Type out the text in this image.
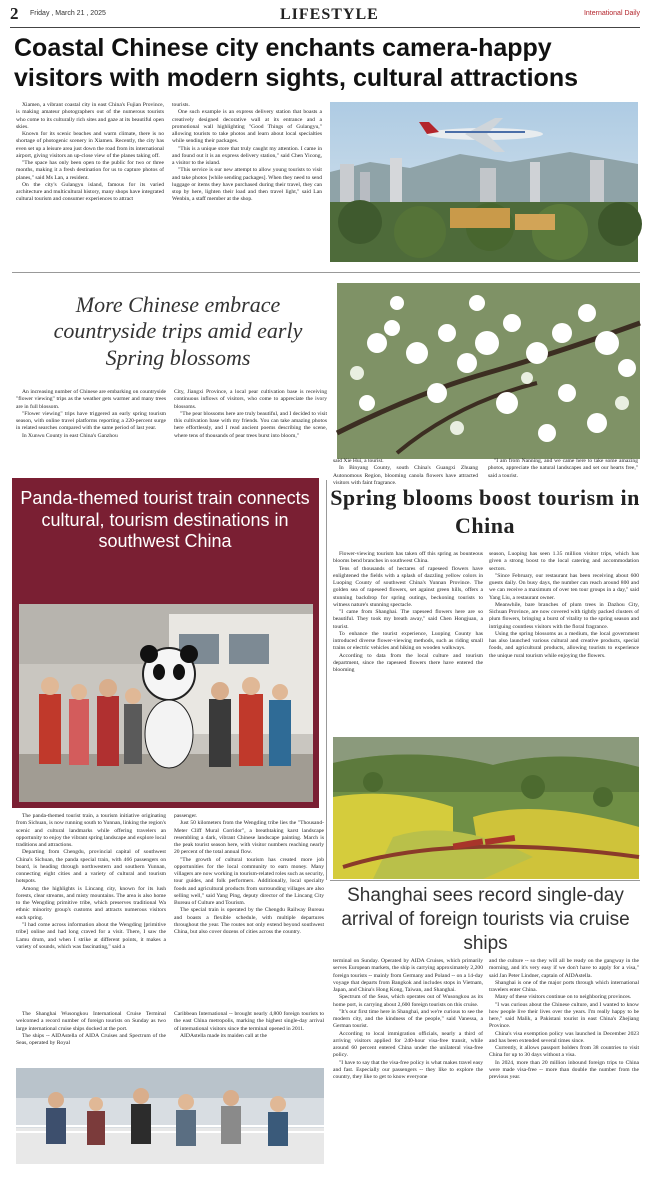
2 Friday , March 21 , 2025	LIFESTYLE	International Daily
Coastal Chinese city enchants camera-happy visitors with modern sights, cultural attractions

Xiamen, a vibrant coastal city in east China's Fujian Province, is making amateur photographers out of the numerous tourists who come to its culturally rich sites and gaze at its beautiful open skies.

Known for its scenic beaches and warm climate, there is no shortage of photogenic scenery in Xiamen. Recently, the city has even set up a leisure area just down the road from its international airport, giving visitors an up-close view of the planes taking off.

"The space has only been open to the public for two or three months, making it a fresh destination for us to capture photos of planes," said Ms Lan, a resident.

On the city's Gulangyu island, famous for its varied architecture and multicultural history, many shops have integrated cultural tourism and consumer experiences to attract

tourists.

One such example is an express delivery station that boasts a creatively designed decorative wall at its entrance and a promotional wall highlighting "Good Things of Gulangyu," allowing tourists to take photos and learn about local specialties while sending their packages.

"This is a unique store that truly caught my attention. I came in and found out it is an express delivery station," said Chen Yicong, a visitor to the island.

"This service is our new attempt to allow young tourists to visit and take photos [while sending packages]. When they need to send luggage or items they have purchased during their travel, they can stop by here, lighten their load and then travel light," said Lan Wenbin, a staff member at the shop.

More Chinese embrace countryside trips amid early Spring blossoms

An increasing number of Chinese are embarking on countryside "flower viewing" trips as the weather gets warmer and many trees are in full blossom.

"Flower viewing" trips have triggered an early spring tourism season, with online travel platforms reporting a 220-percent surge in related searches compared with the same period of last year.

In Xunwu County in east China's Ganzhou

City, Jiangxi Province, a local pear cultivation base is receiving continuous inflows of visitors, who come to appreciate the ivory blossoms.

"The pear blossoms here are truly beautiful, and I decided to visit this cultivation base with my friends. You can take amazing photos here effortlessly, and I read ancient poems describing the scene, where tens of thousands of pear trees burst into bloom,"

said Xie Hui, a tourist.

In Binyang County, south China's Guangxi Zhuang Autonomous Region, blooming canola flowers have attracted visitors with faint fragrance.

"I am from Nanning, and we came here to take some amazing photos, appreciate the natural landscapes and set our hearts free," said a tourist.

Panda-themed tourist train connects cultural, tourism destinations in southwest China

The panda-themed tourist train, a tourism initiative originating from Sichuan, is now running south to Yunnan, linking the region's scenic and cultural landmarks while offering travelers an opportunity to enjoy the vibrant spring landscape and explore local traditions and attractions.

Departing from Chengdu, provincial capital of southwest China's Sichuan, the panda special train, with 466 passengers on board, is heading through northwestern and southern Yunnan, connecting eight cities and a variety of cultural and tourism hotspots.

Among the highlights is Lincang city, known for its lush forests, clear streams, and misty mountains. The area is also home to the Wengding primitive tribe, which preserves traditional Wa ethnic minority group's customs and attracts numerous visitors each spring.

"I had come across information about the Wengding [primitive tribe] online and had long craved for a visit. There, I saw the Lamu drum, and when I strike at different points, it makes a variety of sounds, which was fascinating," said a

passenger.

Just 50 kilometers from the Wengding tribe lies the "Thousand-Meter Cliff Mural Corridor", a breathtaking karst landscape resembling a dark, vibrant Chinese landscape painting. March is the peak tourist season here, with visitor numbers reaching nearly 20 percent of the total annual flow.

"The growth of cultural tourism has created more job opportunities for the local community to earn money. Many villagers are now working in tourism-related roles such as security, tour guides, and folk performers. Additionally, local specialty foods and agricultural products from surrounding villages are also selling well," said Yang Ping, deputy director of the Lincang City Bureau of Culture and Tourism.

The special train is operated by the Chengdu Railway Bureau and boasts a flexible schedule, with multiple departures throughout the year. The routes not only extend beyond southwest China, but also cover dozens of cities across the country.

Spring blooms boost tourism in China

Flower-viewing tourism has taken off this spring as bounteous blooms bend branches in southwest China.

Tens of thousands of hectares of rapeseed flowers have enlightened the fields with a splash of dazzling yellow colors in Luoping County of southwest China's Yunnan Province. The golden sea of rapeseed flowers, set against green hills, offers a stunning backdrop for spring outings, beckoning tourists to witness nature's stunning spectacle.

"I came from Shanghai. The rapeseed flowers here are so beautiful. They took my breath away," said Chen Hongjuan, a tourist.

To enhance the tourist experience, Luoping County has introduced diverse flower-viewing methods, such as riding small trains or electric vehicles and hiking on wooden walkways.

According to data from the local culture and tourism department, since the rapeseed flowers there have entered the blooming

season, Luoping has seen 1.35 million visitor trips, which has given a strong boost to the local catering and accommodation sectors.

"Since February, our restaurant has been receiving about 600 guests daily. On busy days, the number can reach around 800 and we can receive a maximum of over ten tour groups in a day," said Yang Liu, a restaurant owner.

Meanwhile, bare branches of plum trees in Dazhou City, Sichuan Province, are now covered with tightly packed clusters of plum flowers, bringing a burst of vitality to the spring season and intriguing countless visitors with the floral fragrance.

Using the spring blossoms as a medium, the local government has also launched various cultural and creative products, special foods, and agricultural products, allowing tourists to experience the unique rural tourism while enjoying the flowers.

Shanghai sees record single-day arrival of foreign tourists via cruise ships

The Shanghai Wusongkou International Cruise Terminal welcomed a record number of foreign tourists on Sunday as two large international cruise ships docked at the port.

The ships -- AIDAstella of AIDA Cruises and Spectrum of the Seas, operated by Royal

Caribbean International -- brought nearly 4,800 foreign tourists to the east China metropolis, marking the highest single-day arrival of international visitors since the terminal opened in 2011.

AIDAstella made its maiden call at the

terminal on Sunday. Operated by AIDA Cruises, which primarily serves European markets, the ship is carrying approximately 2,200 foreign tourists -- mainly from Germany and Poland -- on a 14-day voyage that departs from Bangkok and includes stops in Vietnam, Japan, and China's Hong Kong, Taiwan, and Shanghai.

Spectrum of the Seas, which operates out of Wusongkou as its home port, is carrying about 2,600 foreign tourists on this cruise.

"It's our first time here in Shanghai, and we're curious to see the modern city, and the kindness of the people," said Vanessa, a German tourist.

According to local immigration officials, nearly a third of arriving visitors applied for 240-hour visa-free transit, while around 60 percent entered China under the unilateral visa-free policy.

"I have to say that the visa-free policy is what makes travel easy and fast. Especially our passengers -- they like to explore the country, they like to get to know everyone

and the culture -- so they will all be ready on the gangway in the morning, and it's very easy if we don't have to apply for a visa," said Jan Peter Lindner, captain of AIDAstella.

Shanghai is one of the major ports through which international travelers enter China.

Many of these visitors continue on to neighboring provinces.

"I was curious about the Chinese culture, and I wanted to know how people live their lives over the years. I'm really happy to be here," said Malik, a Pakistani tourist in east China's Zhejiang Province.

China's visa exemption policy was launched in December 2023 and has been extended several times since.

Currently, it allows passport holders from 38 countries to visit China for up to 30 days without a visa.

In 2024, more than 20 million inbound foreign trips to China were made visa-free -- more than double the number from the previous year.
